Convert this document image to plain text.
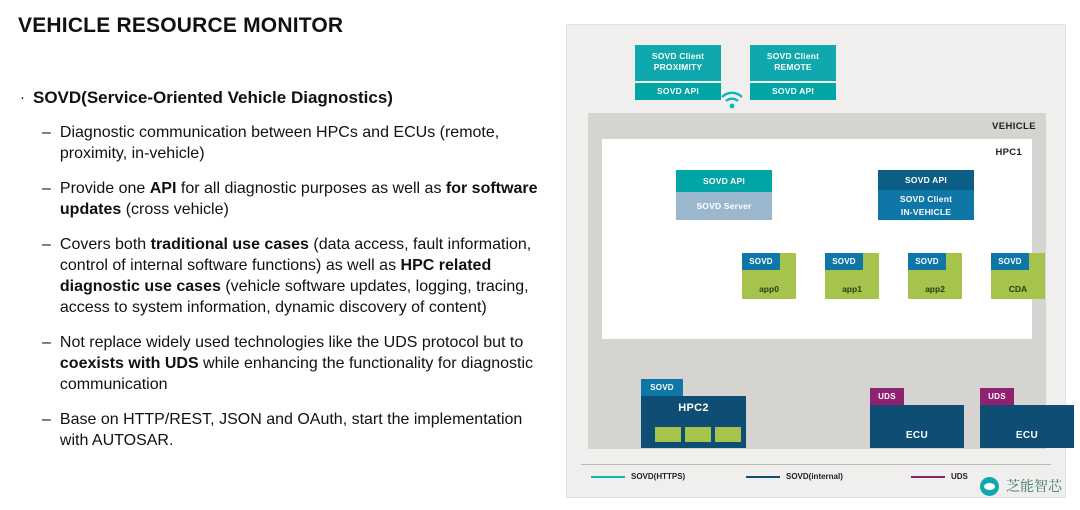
VEHICLE RESOURCE MONITOR
· SOVD(Service-Oriented Vehicle Diagnostics)
– Diagnostic communication between HPCs and ECUs (remote, proximity, in-vehicle)
– Provide one API for all diagnostic purposes as well as for software updates (cross vehicle)
– Covers both traditional use cases (data access, fault information, control of internal software functions) as well as HPC related diagnostic use cases (vehicle software updates, logging, tracing, access to system information, dynamic discovery of content)
– Not replace widely used technologies like the UDS protocol but to coexists with UDS while enhancing the functionality for diagnostic communication
– Base on HTTP/REST, JSON and OAuth, start the implementation with AUTOSAR.
SOVD Client
PROXIMITY
SOVD API
SOVD Client
REMOTE
SOVD API
VEHICLE
HPC1
SOVD API
SOVD Server
SOVD API
SOVD Client
IN-VEHICLE
SOVD
app0
SOVD
app1
SOVD
app2
SOVD
CDA
SOVD
HPC2
UDS
ECU
UDS
ECU
SOVD(HTTPS)	SOVD(internal)	UDS
芝能智芯
